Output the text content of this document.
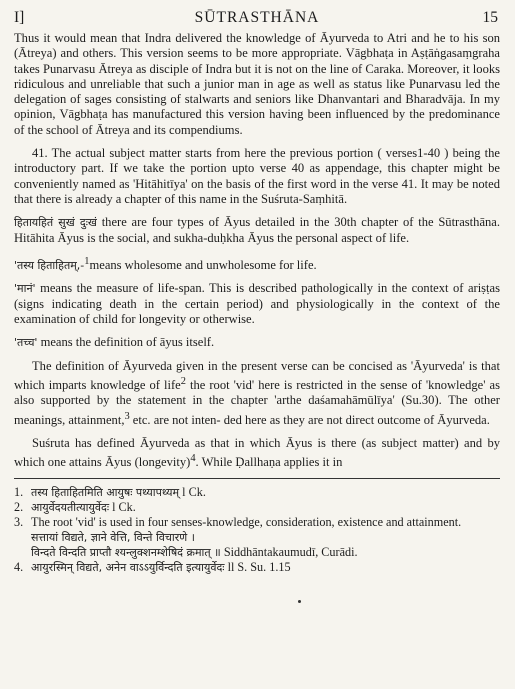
I]	SŪTRASTHĀNA	15

Thus it would mean that Indra delivered the knowledge of Āyurveda to Atri and he to his son (Ātreya) and others. This version seems to be more appropriate. Vāgbhaṭa in Aṣṭāṅgasaṃgraha takes Punarvasu Ātreya as disciple of Indra but it is not on the line of Caraka. Moreover, it looks ridiculous and unreliable that such a junior man in age as well as status like Punarvasu led the delegation of sages consisting of stalwarts and seniors like Dhanvantari and Bharadvāja. In my opinion, Vāgbhaṭa has manufactured this version having been influenced by the predominance of the school of Ātreya and its compendiums.

41. The actual subject matter starts from here the previous portion ( verses1-40 ) being the introductory part. If we take the portion upto verse 40 as appendage, this chapter might be conveniently named as 'Hitāhitīya' on the basis of the first word in the verse 41. It may be noted that there is already a chapter of this name in the Suśruta-Saṃhitā.

हितायहितं सुखं दुःखं there are four types of Āyus detailed in the 30th chapter of the Sūtrasthāna. Hitāhita Āyus is the social, and sukha-duḥkha Āyus the personal aspect of life.

'तस्य हिताहितम्,-$^1$means wholesome and unwholesome for life.

'मानं' means the measure of life-span. This is described pathologically in the context of ariṣṭas (signs indicating death in the certain period) and physiologically in the context of the examination of child for longevity or otherwise.

'तच्च' means the definition of āyus itself.

The definition of Āyurveda given in the present verse can be concised as 'Āyurveda' is that which imparts knowledge of life$^2$ the root 'vid' here is restricted in the sense of 'knowledge' as also supported by the statement in the chapter 'arthe daśamahāmūlīya' (Su.30). The other meanings, attainment,$^3$ etc. are not inten- ded here as they are not direct outcome of Āyurveda.

Suśruta has defined Āyurveda as that in which Āyus is there (as subject matter) and by which one attains Āyus (longevity)$^4$. While Ḍallhaṇa applies it in

1. तस्य हिताहितमिति आयुषः पथ्यापथ्यम् l Ck.
2. आयुर्वेदयतीत्यायुर्वेदः l Ck.
3. The root 'vid' is used in four senses-knowledge, consideration, existence and attainment.
सत्तायां विद्यते, ज्ञाने वेत्ति, विन्ते विचारणे ।
विन्दते विन्दति प्राप्तौ श्यन्लुक्शनम्शेषिदं क्रमात् ॥ Siddhāntakaumudī, Curādi.
4. आयुरस्मिन् विद्यते, अनेन वाऽऽयुर्विन्दति इत्यायुर्वेदः ll S. Su. 1.15
